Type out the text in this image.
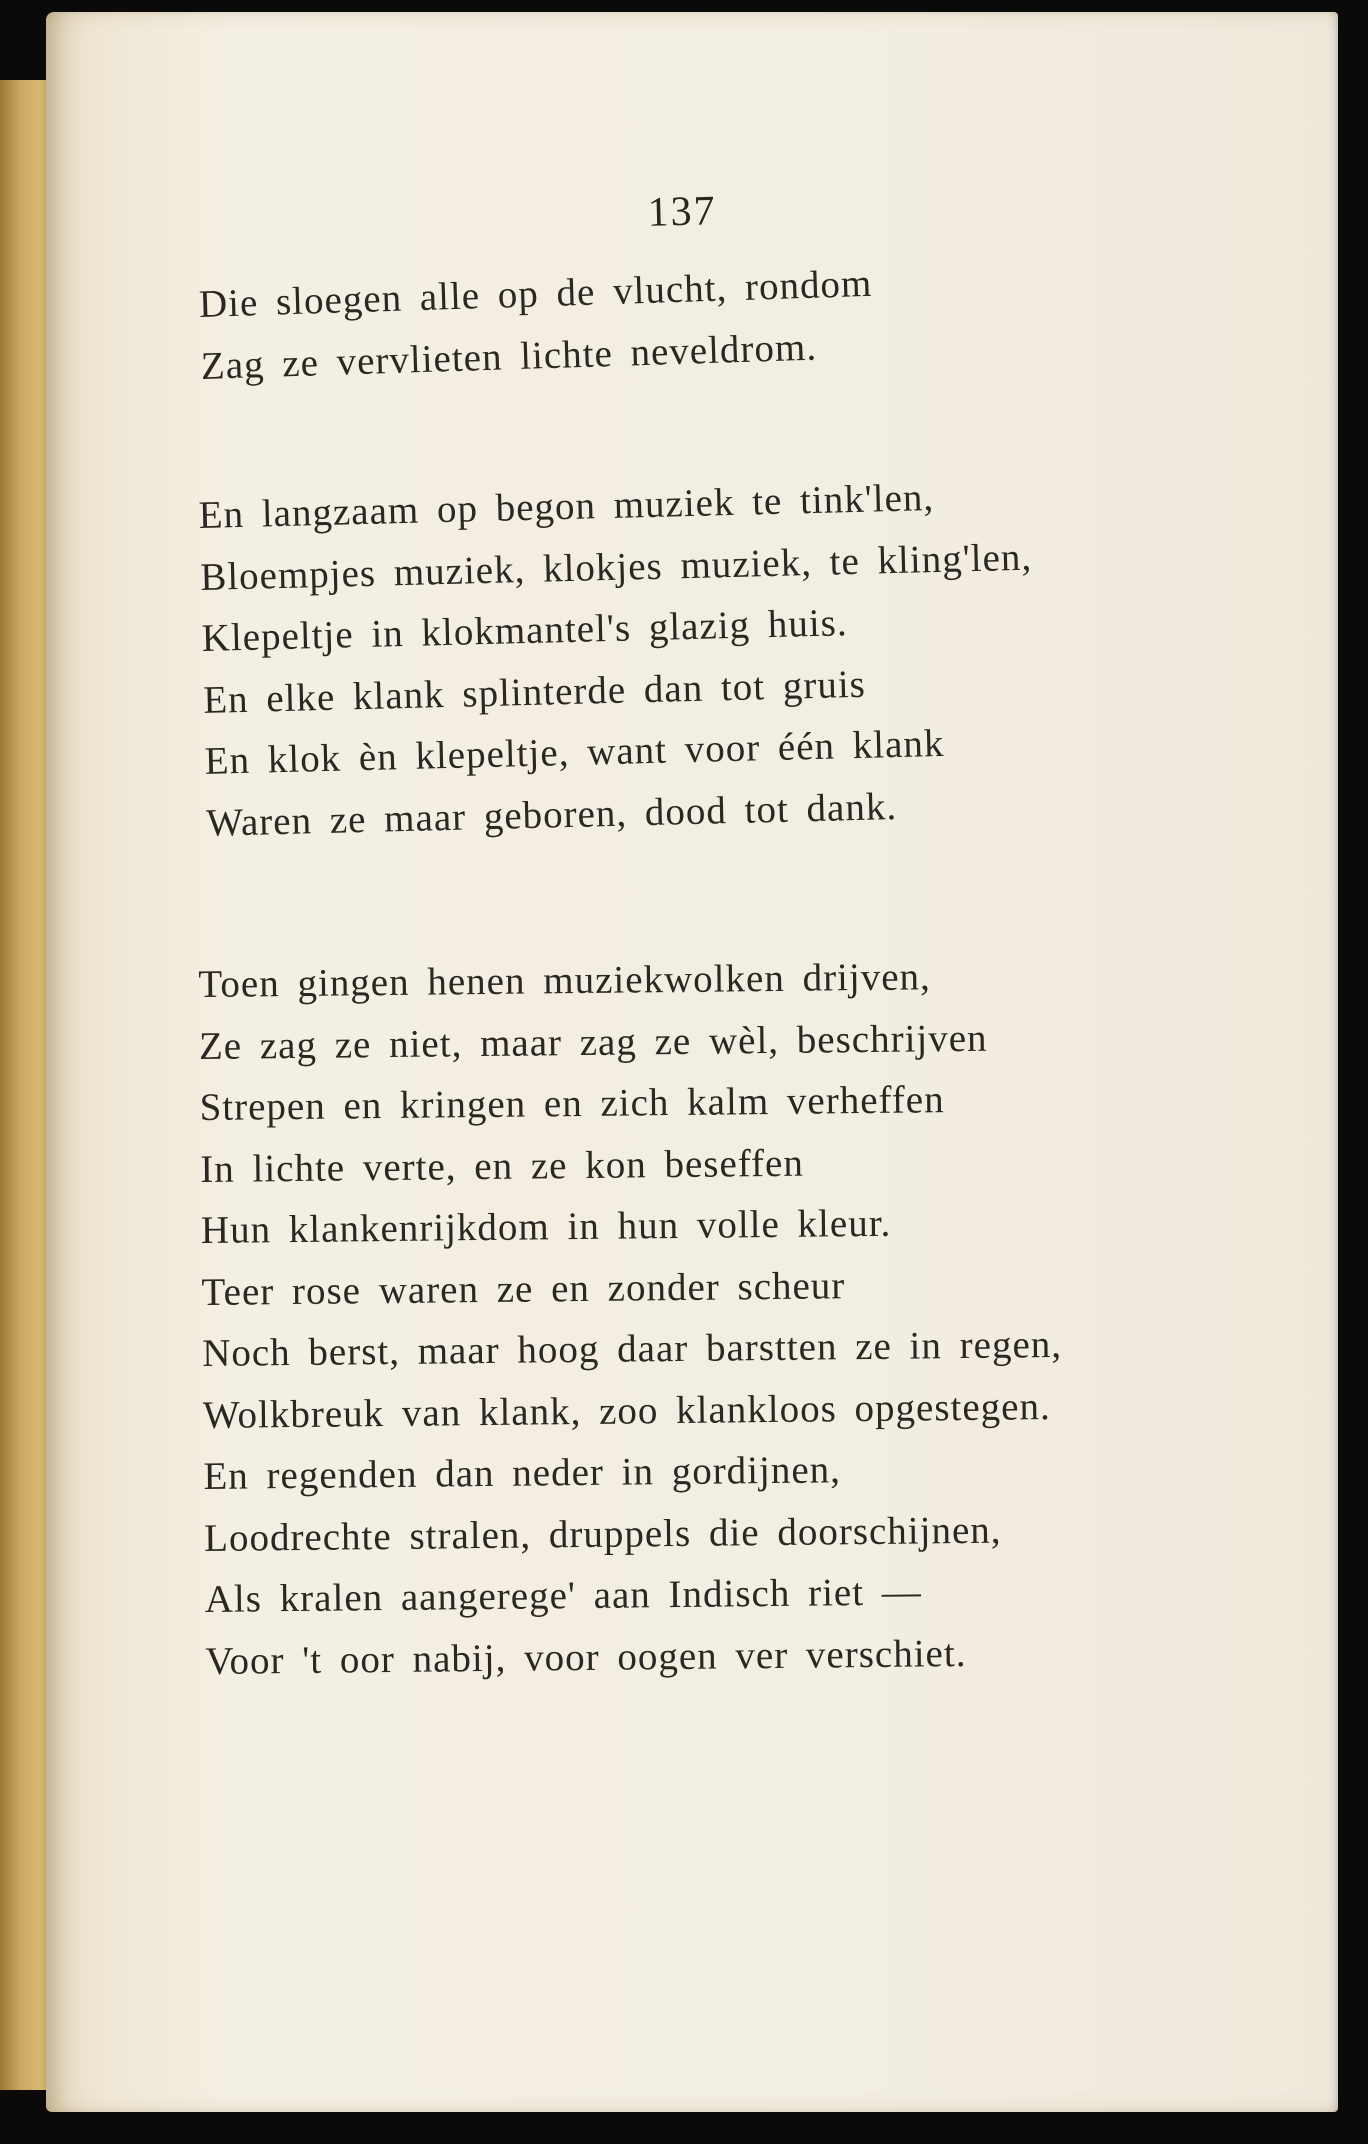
137
Die sloegen alle op de vlucht, rondom
Zag ze vervlieten lichte neveldrom.
En langzaam op begon muziek te tink'len,
Bloempjes muziek, klokjes muziek, te kling'len,
Klepeltje in klokmantel's glazig huis.
En elke klank splinterde dan tot gruis
En klok èn klepeltje, want voor één klank
Waren ze maar geboren, dood tot dank.
Toen gingen henen muziekwolken drijven,
Ze zag ze niet, maar zag ze wèl, beschrijven
Strepen en kringen en zich kalm verheffen
In lichte verte, en ze kon beseffen
Hun klankenrijkdom in hun volle kleur.
Teer rose waren ze en zonder scheur
Noch berst, maar hoog daar barstten ze in regen,
Wolkbreuk van klank, zoo klankloos opgestegen.
En regenden dan neder in gordijnen,
Loodrechte stralen, druppels die doorschijnen,
Als kralen aangerege' aan Indisch riet —
Voor 't oor nabij, voor oogen ver verschiet.
